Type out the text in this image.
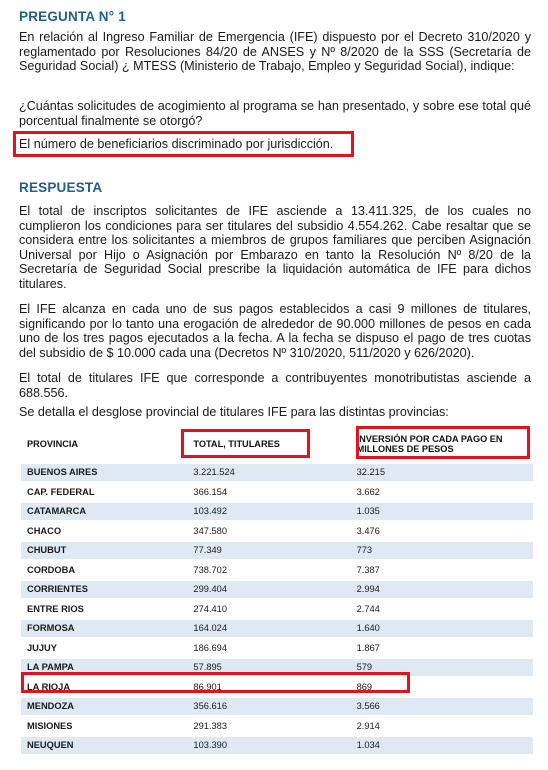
PREGUNTA N° 1

En relación al Ingreso Familiar de Emergencia (IFE) dispuesto por el Decreto 310/2020 y reglamentado por Resoluciones 84/20 de ANSES y Nº 8/2020 de la SSS (Secretaría de Seguridad Social) ¿ MTESS (Ministerio de Trabajo, Empleo y Seguridad Social), indique:

¿Cuántas solicitudes de acogimiento al programa se han presentado, y sobre ese total qué porcentual finalmente se otorgó?

El número de beneficiarios discriminado por jurisdicción.

RESPUESTA

El total de inscriptos solicitantes de IFE asciende a 13.411.325, de los cuales no cumplieron los condiciones para ser titulares del subsidio 4.554.262. Cabe resaltar que se considera entre los solicitantes a miembros de grupos familiares que perciben Asignación Universal por Hijo o Asignación por Embarazo en tanto la Resolución Nº 8/20 de la Secretaría de Seguridad Social prescribe la liquidación automática de IFE para dichos titulares.

El IFE alcanza en cada uno de sus pagos establecidos a casi 9 millones de titulares, significando por lo tanto una erogación de alrededor de 90.000 millones de pesos en cada uno de los tres pagos ejecutados a la fecha. A la fecha se dispuso el pago de tres cuotas del subsidio de $ 10.000 cada una (Decretos Nº 310/2020, 511/2020 y 626/2020).

El total de titulares IFE que corresponde a contribuyentes monotributistas asciende a 688.556.

Se detalla el desglose provincial de titulares IFE para las distintas provincias:

PROVINCIA	TOTAL, TITULARES	INVERSIÓN POR CADA PAGO EN MILLONES DE PESOS
BUENOS AIRES	3.221.524	32.215
CAP. FEDERAL	366.154	3.662
CATAMARCA	103.492	1.035
CHACO	347.580	3.476
CHUBUT	77.349	773
CORDOBA	738.702	7.387
CORRIENTES	299.404	2.994
ENTRE RIOS	274.410	2.744
FORMOSA	164.024	1.640
JUJUY	186.694	1.867
LA PAMPA	57.895	579
LA RIOJA	86.901	869
MENDOZA	356.616	3.566
MISIONES	291.383	2.914
NEUQUEN	103.390	1.034
